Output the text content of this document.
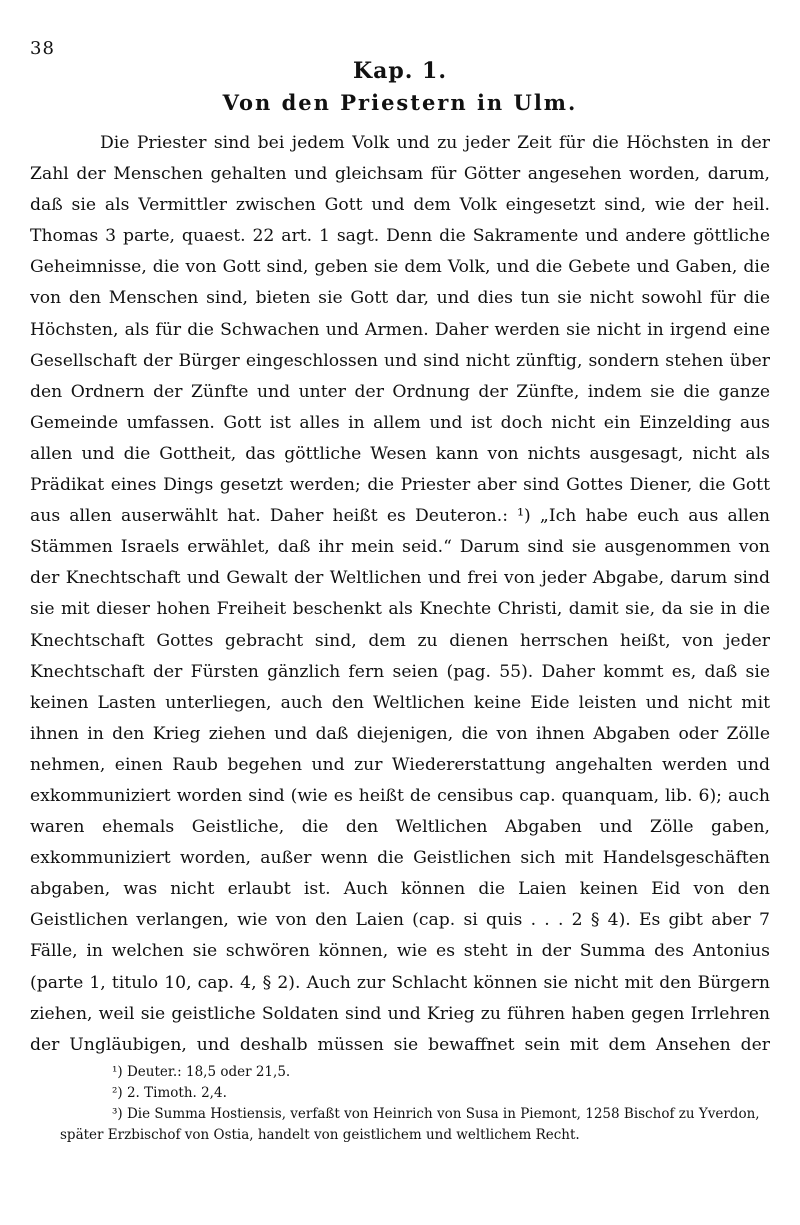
38
Kap. 1.
Von den Priestern in Ulm.

Die Priester sind bei jedem Volk und zu jeder Zeit für die Höchsten in der Zahl der Menschen gehalten und gleichsam für Götter angesehen worden, darum, daß sie als Vermittler zwischen Gott und dem Volk eingesetzt sind, wie der heil. Thomas 3 parte, quaest. 22 art. 1 sagt. Denn die Sakramente und andere göttliche Geheimnisse, die von Gott sind, geben sie dem Volk, und die Gebete und Gaben, die von den Menschen sind, bieten sie Gott dar, und dies tun sie nicht sowohl für die Höchsten, als für die Schwachen und Armen. Daher werden sie nicht in irgend eine Gesellschaft der Bürger eingeschlossen und sind nicht zünftig, sondern stehen über den Ordnern der Zünfte und unter der Ordnung der Zünfte, indem sie die ganze Gemeinde umfassen. Gott ist alles in allem und ist doch nicht ein Einzelding aus allen und die Gottheit, das göttliche Wesen kann von nichts ausgesagt, nicht als Prädikat eines Dings gesetzt werden; die Priester aber sind Gottes Diener, die Gott aus allen auserwählt hat. Daher heißt es Deuteron.: ¹) „Ich habe euch aus allen Stämmen Israels erwählet, daß ihr mein seid.“ Darum sind sie ausgenommen von der Knechtschaft und Gewalt der Weltlichen und frei von jeder Abgabe, darum sind sie mit dieser hohen Freiheit beschenkt als Knechte Christi, damit sie, da sie in die Knechtschaft Gottes gebracht sind, dem zu dienen herrschen heißt, von jeder Knechtschaft der Fürsten gänzlich fern seien (pag. 55). Daher kommt es, daß sie keinen Lasten unterliegen, auch den Weltlichen keine Eide leisten und nicht mit ihnen in den Krieg ziehen und daß diejenigen, die von ihnen Abgaben oder Zölle nehmen, einen Raub begehen und zur Wiedererstattung angehalten werden und exkommuniziert worden sind (wie es heißt de censibus cap. quanquam, lib. 6); auch waren ehemals Geistliche, die den Weltlichen Abgaben und Zölle gaben, exkommuniziert worden, außer wenn die Geistlichen sich mit Handelsgeschäften abgaben, was nicht erlaubt ist. Auch können die Laien keinen Eid von den Geistlichen verlangen, wie von den Laien (cap. si quis . . . 2 § 4). Es gibt aber 7 Fälle, in welchen sie schwören können, wie es steht in der Summa des Antonius (parte 1, titulo 10, cap. 4, § 2). Auch zur Schlacht können sie nicht mit den Bürgern ziehen, weil sie geistliche Soldaten sind und Krieg zu führen haben gegen Irrlehren der Ungläubigen, und deshalb müssen sie bewaffnet sein mit dem Ansehen der

¹) Deuter.: 18,5 oder 21,5.

²) 2. Timoth. 2,4.

³) Die Summa Hostiensis, verfaßt von Heinrich von Susa in Piemont, 1258 Bischof zu Yverdon,

später Erzbischof von Ostia, handelt von geistlichem und weltlichem Recht.
